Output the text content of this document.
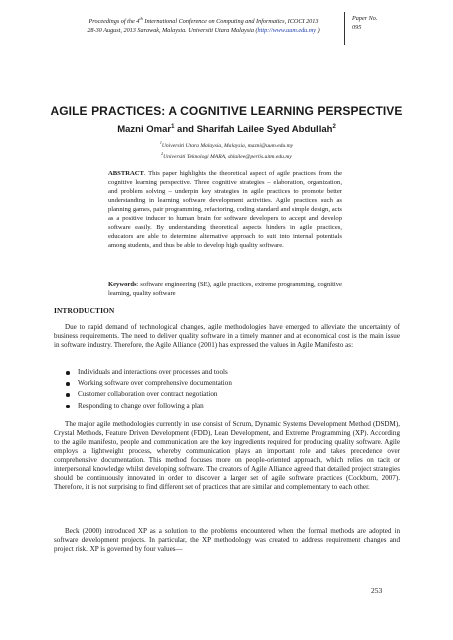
Proceedings of the 4th International Conference on Computing and Informatics, ICOCI 2013
28-30 August, 2013 Sarawak, Malaysia. Universiti Utara Malaysia (http://www.uum.edu.my )
Paper No.
095
AGILE PRACTICES: A COGNITIVE LEARNING PERSPECTIVE
Mazni Omar$^1$ and Sharifah Lailee Syed Abdullah$^2$
$^1$Universiti Utara Malaysia, Malaysia, mazni@uum.edu.my
$^2$Universiti Teknologi MARA, shlailee@perlis.uitm.edu.my
ABSTRACT. This paper highlights the theoretical aspect of agile practices from the cognitive learning perspective. Three cognitive strategies – elaboration, organization, and problem solving – underpin key strategies in agile practices to promote better understanding in learning software development activities. Agile practices such as planning games, pair programming, refactoring, coding standard and simple design, acts as a positive inducer to human brain for software developers to accept and develop software easily. By understanding theoretical aspects hinders in agile practices, educators are able to determine alternative approach to suit into internal potentials among students, and thus be able to develop high quality software.
Keywords: software engineering (SE), agile practices, extreme programming, cognitive learning, quality software
INTRODUCTION

Due to rapid demand of technological changes, agile methodologies have emerged to alleviate the uncertainty of business requirements. The need to deliver quality software in a timely manner and at economical cost is the main issue in software industry. Therefore, the Agile Alliance (2001) has expressed the values in Agile Manifesto as:

Individuals and interactions over processes and tools
Working software over comprehensive documentation
Customer collaboration over contract negotiation
Responding to change over following a plan

The major agile methodologies currently in use consist of Scrum, Dynamic Systems Development Method (DSDM), Crystal Methods, Feature Driven Development (FDD), Lean Development, and Extreme Programming (XP). According to the agile manifesto, people and communication are the key ingredients required for producing quality software. Agile employs a lightweight process, whereby communication plays an important role and takes precedence over comprehensive documentation. This method focuses more on people-oriented approach, which relies on tacit or interpersonal knowledge whilst developing software. The creators of Agile Alliance agreed that detailed project strategies should be continuously innovated in order to discover a larger set of agile software practices (Cockburn, 2007). Therefore, it is not surprising to find different set of practices that are similar and complementary to each other.

Beck (2000) introduced XP as a solution to the problems encountered when the formal methods are adopted in software development projects. In particular, the XP methodology was created to address requirement changes and project risk. XP is governed by four values—

253
